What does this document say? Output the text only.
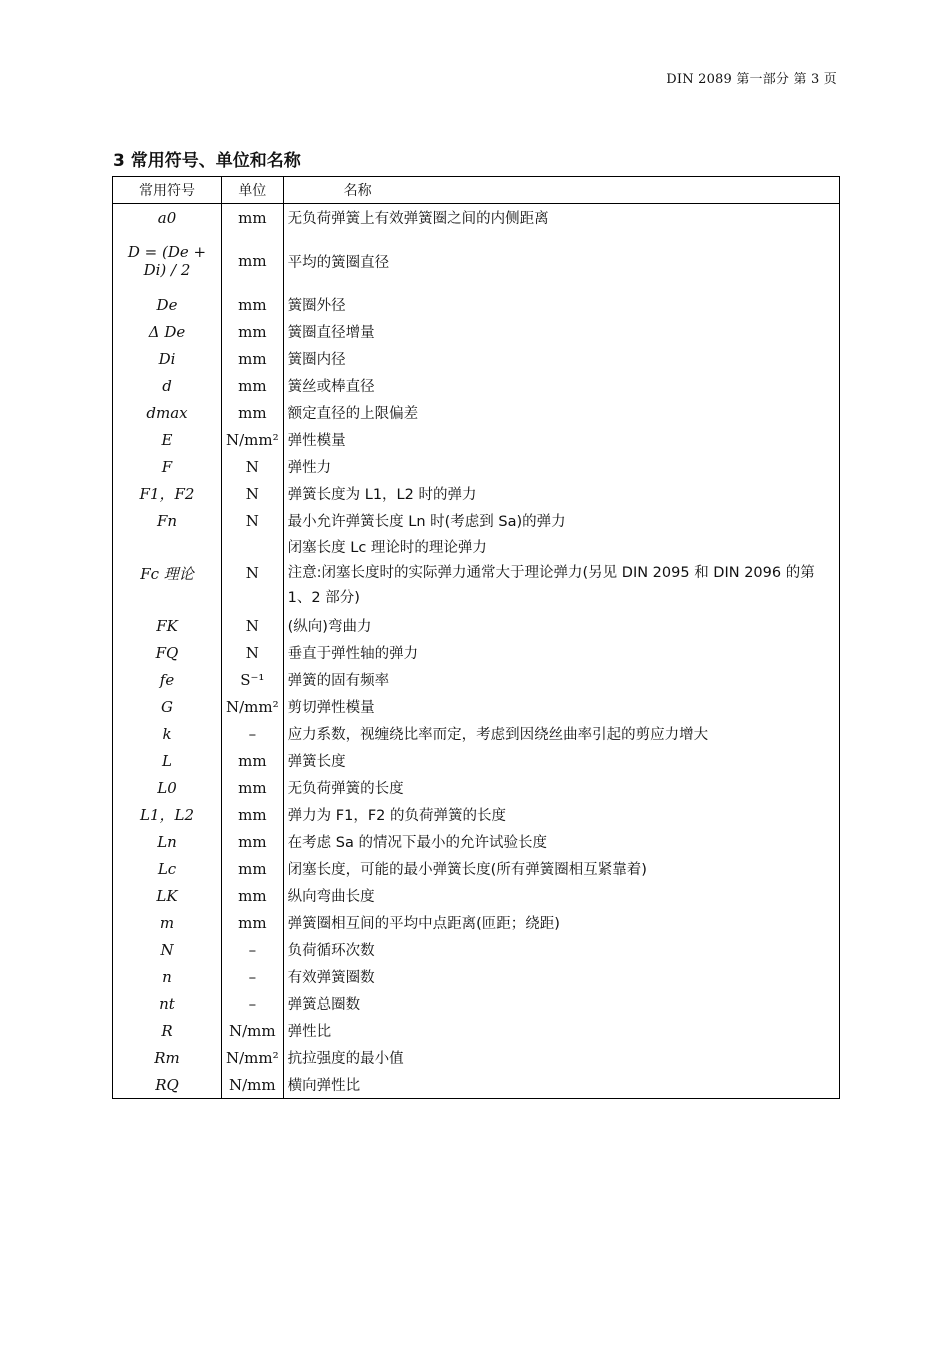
DIN 2089 第一部分 第 3 页
3 常用符号、单位和名称
常用符号	单位	名称
a0	mm	无负荷弹簧上有效弹簧圈之间的内侧距离
D = (De + Di) / 2	mm	平均的簧圈直径
De	mm	簧圈外径
Δ De	mm	簧圈直径增量
Di	mm	簧圈内径
d	mm	簧丝或棒直径
dmax	mm	额定直径的上限偏差
E	N/mm²	弹性模量
F	N	弹性力
F1，F2	N	弹簧长度为 L1，L2 时的弹力
Fn	N	最小允许弹簧长度 Ln 时(考虑到 Sa)的弹力
Fc 理论	N	闭塞长度 Lc 理论时的理论弹力
注意:闭塞长度时的实际弹力通常大于理论弹力(另见 DIN 2095 和 DIN 2096 的第 1、2 部分)
FK	N	(纵向)弯曲力
FQ	N	垂直于弹性轴的弹力
fe	S⁻¹	弹簧的固有频率
G	N/mm²	剪切弹性模量
k	–	应力系数，视缠绕比率而定，考虑到因绕丝曲率引起的剪应力增大
L	mm	弹簧长度
L0	mm	无负荷弹簧的长度
L1，L2	mm	弹力为 F1，F2 的负荷弹簧的长度
Ln	mm	在考虑 Sa 的情况下最小的允许试验长度
Lc	mm	闭塞长度，可能的最小弹簧长度(所有弹簧圈相互紧靠着)
LK	mm	纵向弯曲长度
m	mm	弹簧圈相互间的平均中点距离(匝距；绕距)
N	–	负荷循环次数
n	–	有效弹簧圈数
nt	–	弹簧总圈数
R	N/mm	弹性比
Rm	N/mm²	抗拉强度的最小值
RQ	N/mm	横向弹性比
